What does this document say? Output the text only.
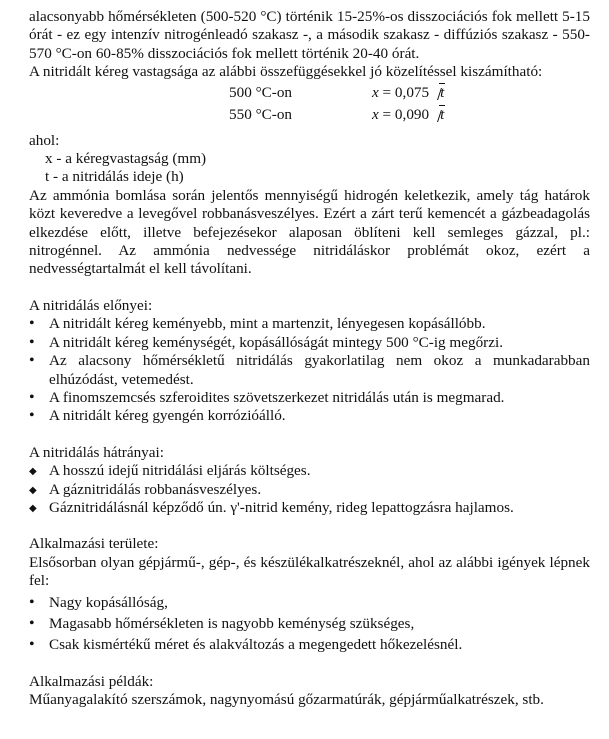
alacsonyabb hőmérsékleten (500-520 °C) történik 15-25%-os disszociációs fok mellett 5-15 órát - ez egy intenzív nitrogénleadó szakasz -, a második szakasz - diffúziós szakasz - 550-570 °C-on 60-85% disszociációs fok mellett történik 20-40 órát.

A nitridált kéreg vastagsága az alábbi összefüggésekkel jó közelítéssel kiszámítható:

500 °C-on	x = 0,075 t
550 °C-on	x = 0,090 t

ahol:

x - a kéregvastagság (mm)

t - a nitridálás ideje (h)

Az ammónia bomlása során jelentős mennyiségű hidrogén keletkezik, amely tág határok közt keveredve a levegővel robbanásveszélyes. Ezért a zárt terű kemencét a gázbeadagolás elkezdése előtt, illetve befejezésekor alaposan öblíteni kell semleges gázzal, pl.: nitrogénnel. Az ammónia nedvessége nitridáláskor problémát okoz, ezért a nedvességtartalmát el kell távolítani.

A nitridálás előnyei:

•
A nitridált kéreg keményebb, mint a martenzit, lényegesen kopásállóbb.
•
A nitridált kéreg keménységét, kopásállóságát mintegy 500 °C-ig megőrzi.
•
Az alacsony hőmérsékletű nitridálás gyakorlatilag nem okoz a munkadarabban elhúzódást, vetemedést.
•
A finomszemcsés szferoidites szövetszerkezet nitridálás után is megmarad.
•
A nitridált kéreg gyengén korrózióálló.

A nitridálás hátrányai:

◆
A hosszú idejű nitridálási eljárás költséges.
◆
A gáznitridálás robbanásveszélyes.
◆
Gáznitridálásnál képződő ún. γ'-nitrid kemény, rideg lepattogzásra hajlamos.

Alkalmazási területe:

Elsősorban olyan gépjármű-, gép-, és készülékalkatrészeknél, ahol az alábbi igények lépnek fel:

•
Nagy kopásállóság,
•
Magasabb hőmérsékleten is nagyobb keménység szükséges,
•
Csak kismértékű méret és alakváltozás a megengedett hőkezelésnél.

Alkalmazási példák:

Műanyagalakító szerszámok, nagynyomású gőzarmatúrák, gépjárműalkatrészek, stb.
